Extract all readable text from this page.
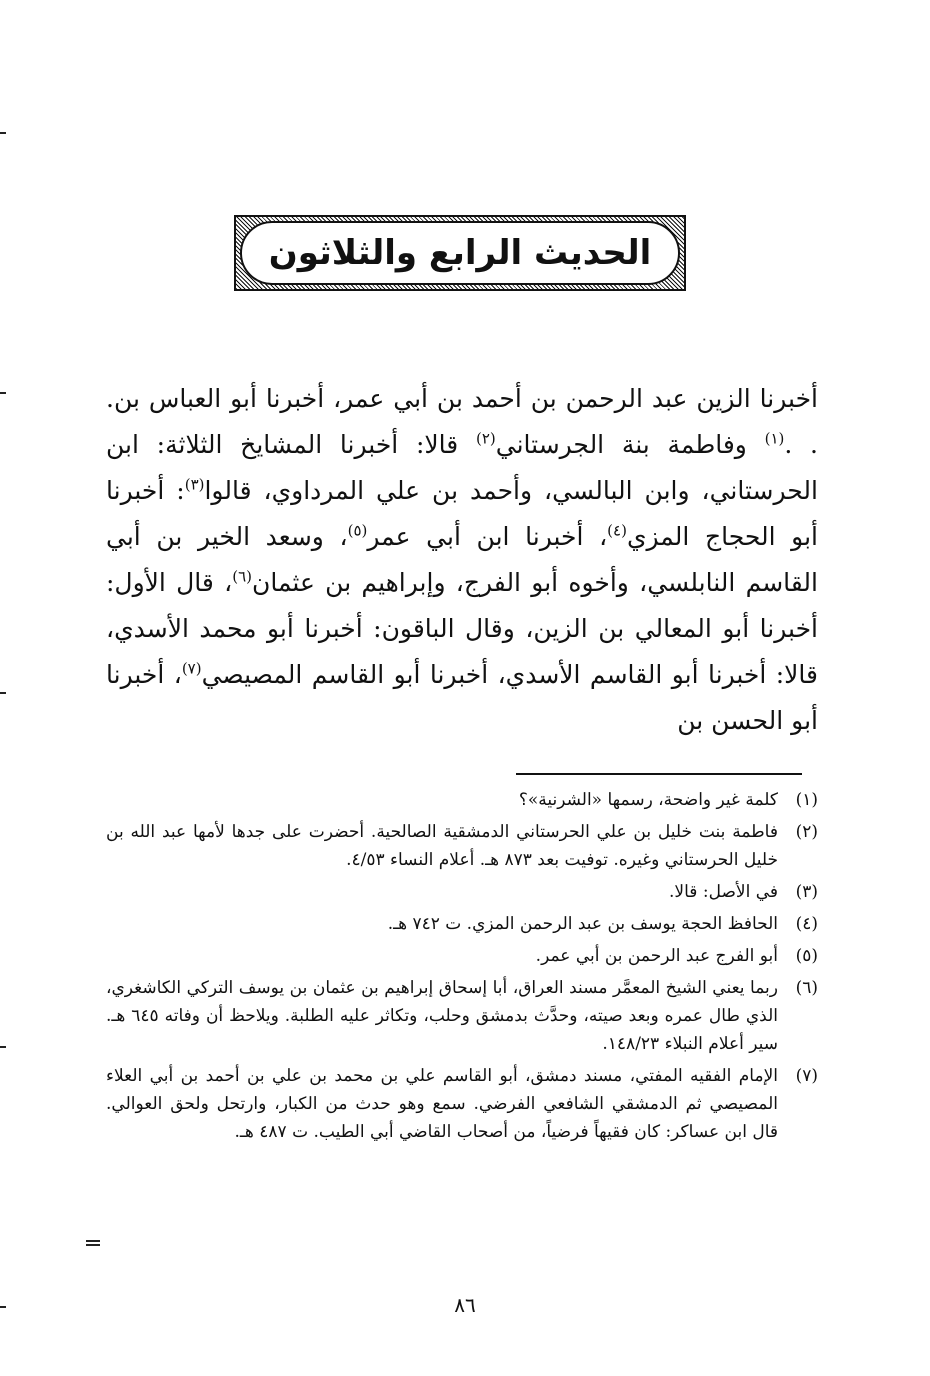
الحديث الرابع والثلاثون

أخبرنا الزين عبد الرحمن بن أحمد بن أبي عمر، أخبرنا أبو العباس بن. . .$^{(١)}$ وفاطمة بنة الجرستاني$^{(٢)}$ قالا: أخبرنا المشايخ الثلاثة: ابن الحرستاني، وابن البالسي، وأحمد بن علي المرداوي، قالوا$^{(٣)}$: أخبرنا أبو الحجاج المزي$^{(٤)}$، أخبرنا ابن أبي عمر$^{(٥)}$، وسعد الخير بن أبي القاسم النابلسي، وأخوه أبو الفرج، وإبراهيم بن عثمان$^{(٦)}$، قال الأول: أخبرنا أبو المعالي بن الزين، وقال الباقون: أخبرنا أبو محمد الأسدي، قالا: أخبرنا أبو القاسم الأسدي، أخبرنا أبو القاسم المصيصي$^{(٧)}$، أخبرنا أبو الحسن بن

(١)
كلمة غير واضحة، رسمها «الشرنية»؟
(٢)
فاطمة بنت خليل بن علي الحرستاني الدمشقية الصالحية. أحضرت على جدها لأمها عبد الله بن خليل الحرستاني وغيره. توفيت بعد ٨٧٣ هـ. أعلام النساء ٤/٥٣.
(٣)
في الأصل: قالا.
(٤)
الحافظ الحجة يوسف بن عبد الرحمن المزي. ت ٧٤٢ هـ.
(٥)
أبو الفرج عبد الرحمن بن أبي عمر.
(٦)
ربما يعني الشيخ المعمَّر مسند العراق، أبا إسحاق إبراهيم بن عثمان بن يوسف التركي الكاشغري، الذي طال عمره وبعد صيته، وحدَّث بدمشق وحلب، وتكاثر عليه الطلبة. ويلاحظ أن وفاته ٦٤٥ هـ. سير أعلام النبلاء ١٤٨/٢٣.
(٧)
الإمام الفقيه المفتي، مسند دمشق، أبو القاسم علي بن محمد بن علي بن أحمد بن أبي العلاء المصيصي ثم الدمشقي الشافعي الفرضي. سمع وهو حدث من الكبار، وارتحل ولحق العوالي. قال ابن عساكر: كان فقيهاً فرضياً، من أصحاب القاضي أبي الطيب. ت ٤٨٧ هـ.
٨٦
